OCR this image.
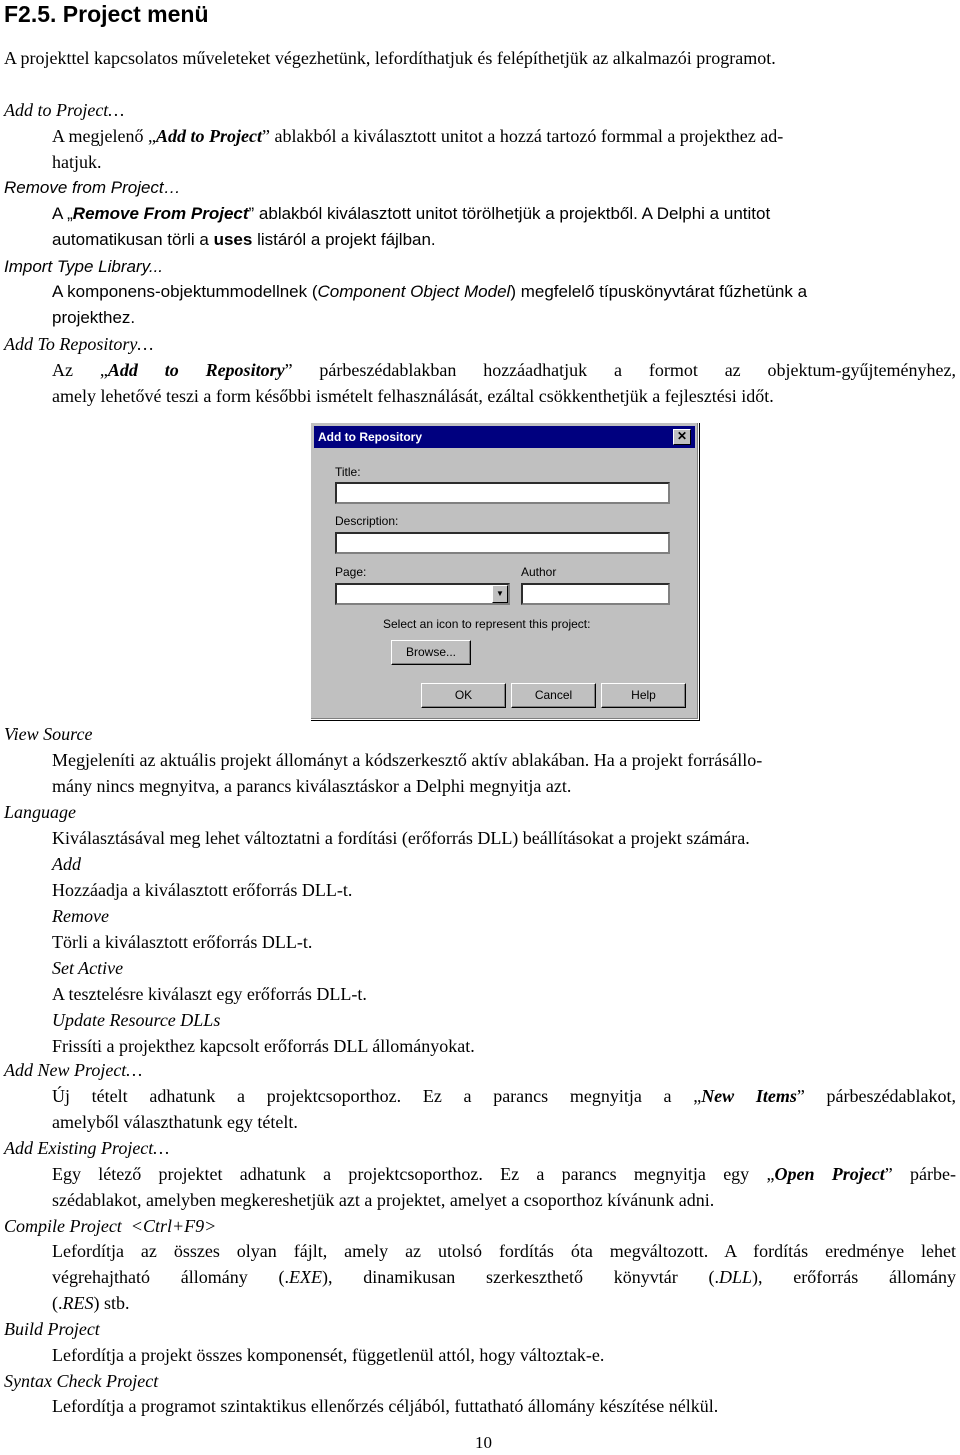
F2.5. Project menü
A projekttel kapcsolatos műveleteket végezhetünk, lefordíthatjuk és felépíthetjük az alkalmazói programot.
Add to Project…
A megjelenő „Add to Project” ablakból a kiválasztott unitot a hozzá tartozó formmal a projekthez ad-
hatjuk.
Remove from Project…
A „Remove From Project” ablakból kiválasztott unitot törölhetjük a projektből. A Delphi a untitot
automatikusan törli a uses listáról a projekt fájlban.
Import Type Library...
A komponens-objektummodellnek (Component Object Model) megfelelő típuskönyvtárat fűzhetünk a
projekthez.
Add To Repository…
Az „Add to Repository” párbeszédablakban hozzáadhatjuk a formot az objektum-gyűjteményhez,
amely lehetővé teszi a form későbbi ismételt felhasználását, ezáltal csökkenthetjük a fejlesztési időt.
View Source
Megjeleníti az aktuális projekt állományt a kódszerkesztő aktív ablakában. Ha a projekt forrásállo-
mány nincs megnyitva, a parancs kiválasztáskor a Delphi megnyitja azt.
Language
Kiválasztásával meg lehet változtatni a fordítási (erőforrás DLL) beállításokat a projekt számára.
Add
Hozzáadja a kiválasztott erőforrás DLL-t.
Remove
Törli a kiválasztott erőforrás DLL-t.
Set Active
A tesztelésre kiválaszt egy erőforrás DLL-t.
Update Resource DLLs
Frissíti a projekthez kapcsolt erőforrás DLL állományokat.
Add New Project…
Új tételt adhatunk a projektcsoporthoz. Ez a parancs megnyitja a „New Items” párbeszédablakot,
amelyből választhatunk egy tételt.
Add Existing Project…
Egy létező projektet adhatunk a projektcsoporthoz. Ez a parancs megnyitja egy „Open Project” párbe-
szédablakot, amelyben megkereshetjük azt a projektet, amelyet a csoporthoz kívánunk adni.
Compile Project  <Ctrl+F9>
Lefordítja az összes olyan fájlt, amely az utolsó fordítás óta megváltozott. A fordítás eredménye lehet
végrehajtható állomány (.EXE), dinamikusan szerkeszthető könyvtár (.DLL), erőforrás állomány
(.RES) stb.
Build Project
Lefordítja a projekt összes komponensét, függetlenül attól, hogy változtak-e.
Syntax Check Project
Lefordítja a programot szintaktikus ellenőrzés céljából, futtatható állomány készítése nélkül.
Add to Repository	✕
Title:
Description:
Page:
▼
Author
Select an icon to represent this project:
Browse...
OK	Cancel	Help
10
